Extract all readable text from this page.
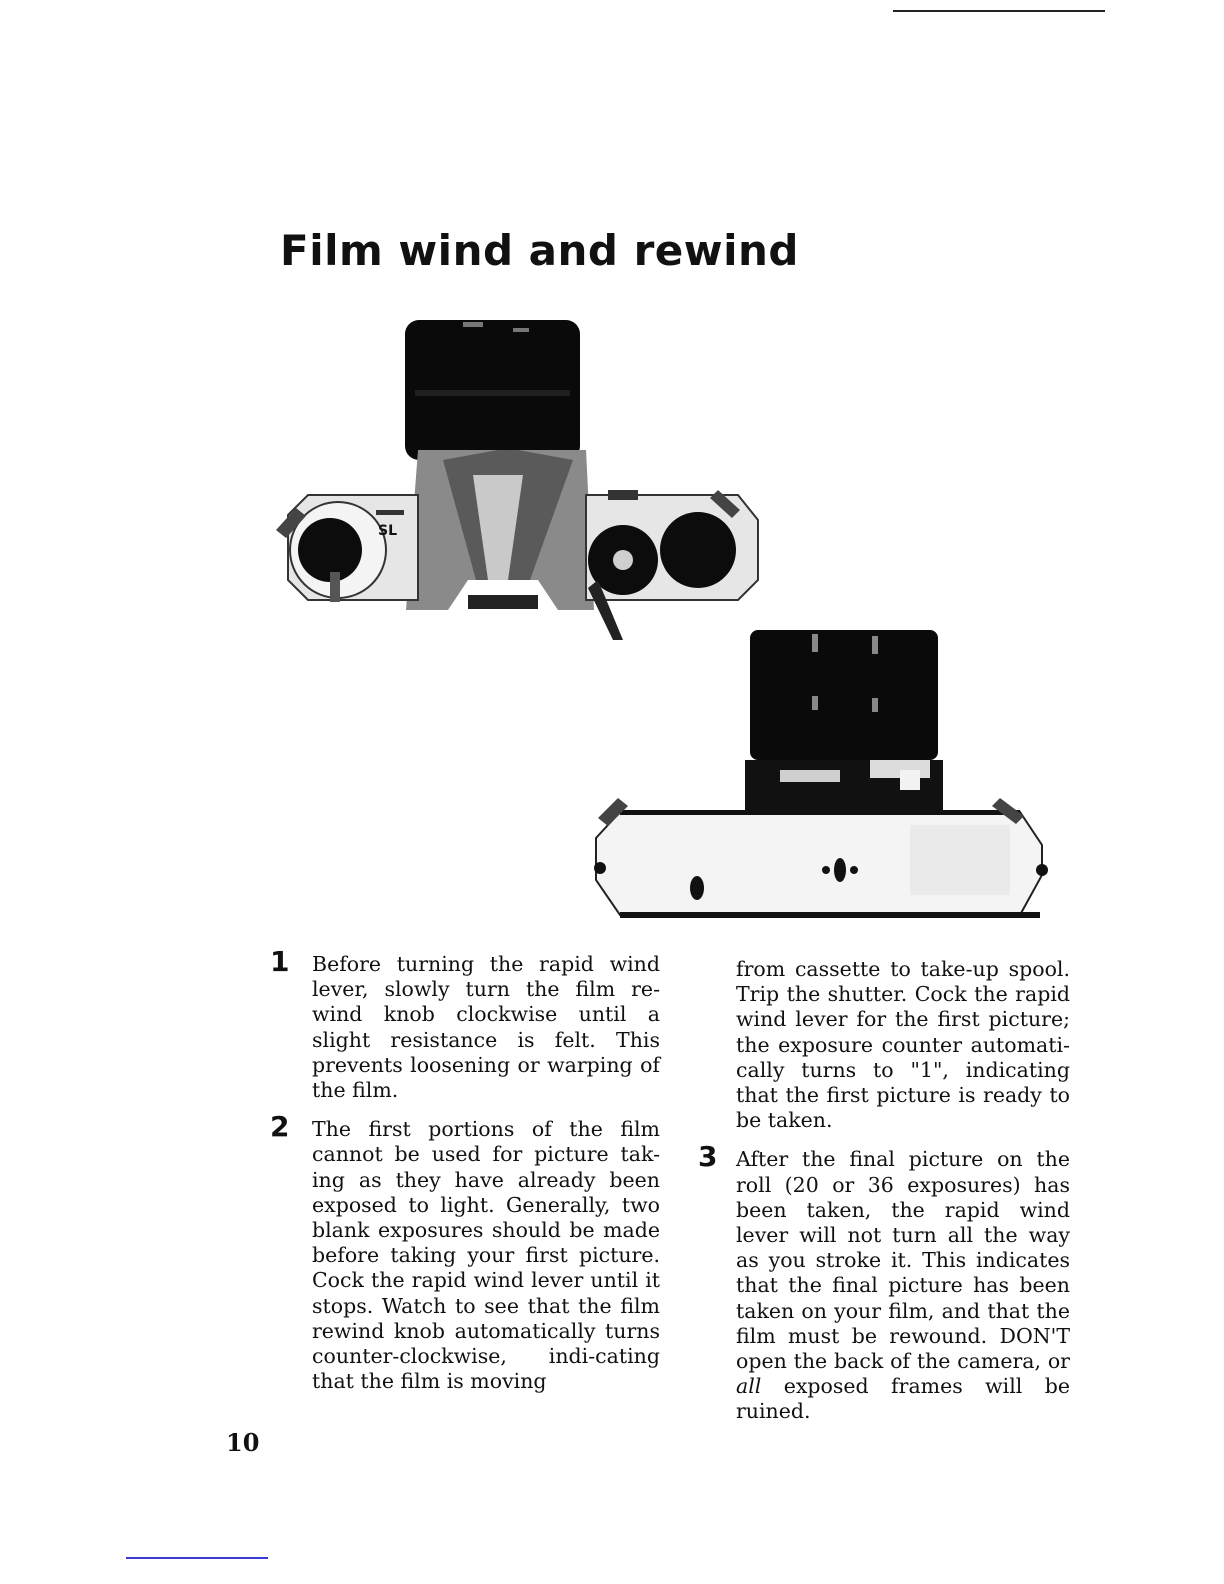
Film wind and rewind
SL
1 Before turning the rapid wind lever, slowly turn the film re-wind knob clockwise until a slight resistance is felt. This prevents loosening or warping of the film.
2 The first portions of the film cannot be used for picture tak-ing as they have already been exposed to light. Generally, two blank exposures should be made before taking your first picture. Cock the rapid wind lever until it stops. Watch to see that the film rewind knob automatically turns counter-clockwise, indi-cating that the film is moving
from cassette to take-up spool. Trip the shutter. Cock the rapid wind lever for the first picture; the exposure counter automati-cally turns to "1", indicating that the first picture is ready to be taken.
3 After the final picture on the roll (20 or 36 exposures) has been taken, the rapid wind lever will not turn all the way as you stroke it. This indicates that the final picture has been taken on your film, and that the film must be rewound. DON'T open the back of the camera, or all exposed frames will be ruined.
10
